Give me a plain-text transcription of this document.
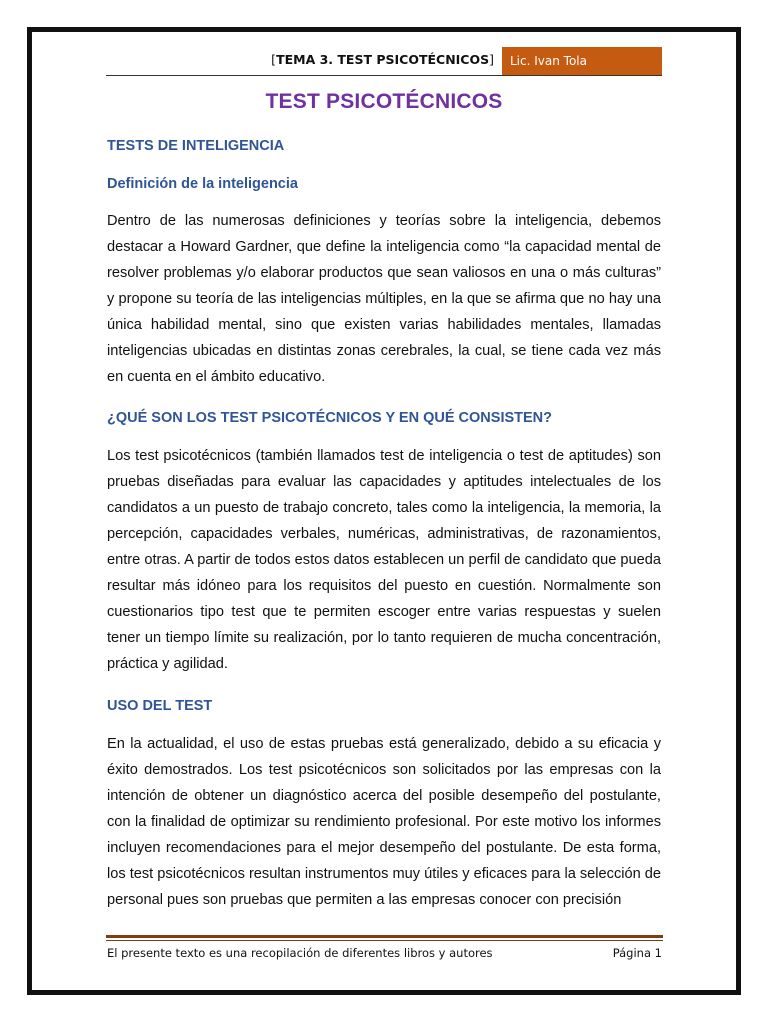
[TEMA 3. TEST PSICOTÉCNICOS]	Lic. Ivan Tola
TEST PSICOTÉCNICOS
TESTS DE INTELIGENCIA
Definición de la inteligencia

Dentro de las numerosas definiciones y teorías sobre la inteligencia, debemos destacar a Howard Gardner, que define la inteligencia como “la capacidad mental de resolver problemas y/o elaborar productos que sean valiosos en una o más culturas” y propone su teoría de las inteligencias múltiples, en la que se afirma que no hay una única habilidad mental, sino que existen varias habilidades mentales, llamadas inteligencias ubicadas en distintas zonas cerebrales, la cual, se tiene cada vez más en cuenta en el ámbito educativo.

¿QUÉ SON LOS TEST PSICOTÉCNICOS Y EN QUÉ CONSISTEN?

Los test psicotécnicos (también llamados test de inteligencia o test de aptitudes) son pruebas diseñadas para evaluar las capacidades y aptitudes intelectuales de los candidatos a un puesto de trabajo concreto, tales como la inteligencia, la memoria, la percepción, capacidades verbales, numéricas, administrativas, de razonamientos, entre otras. A partir de todos estos datos establecen un perfil de candidato que pueda resultar más idóneo para los requisitos del puesto en cuestión. Normalmente son cuestionarios tipo test que te permiten escoger entre varias respuestas y suelen tener un tiempo límite su realización, por lo tanto requieren de mucha concentración, práctica y agilidad.

USO DEL TEST

En la actualidad, el uso de estas pruebas está generalizado, debido a su eficacia y éxito demostrados. Los test psicotécnicos son solicitados por las empresas con la intención de obtener un diagnóstico acerca del posible desempeño del postulante, con la finalidad de optimizar su rendimiento profesional. Por este motivo los informes incluyen recomendaciones para el mejor desempeño del postulante. De esta forma, los test psicotécnicos resultan instrumentos muy útiles y eficaces para la selección de personal pues son pruebas que permiten a las empresas conocer con precisión

El presente texto es una recopilación de diferentes libros y autores	Página 1
